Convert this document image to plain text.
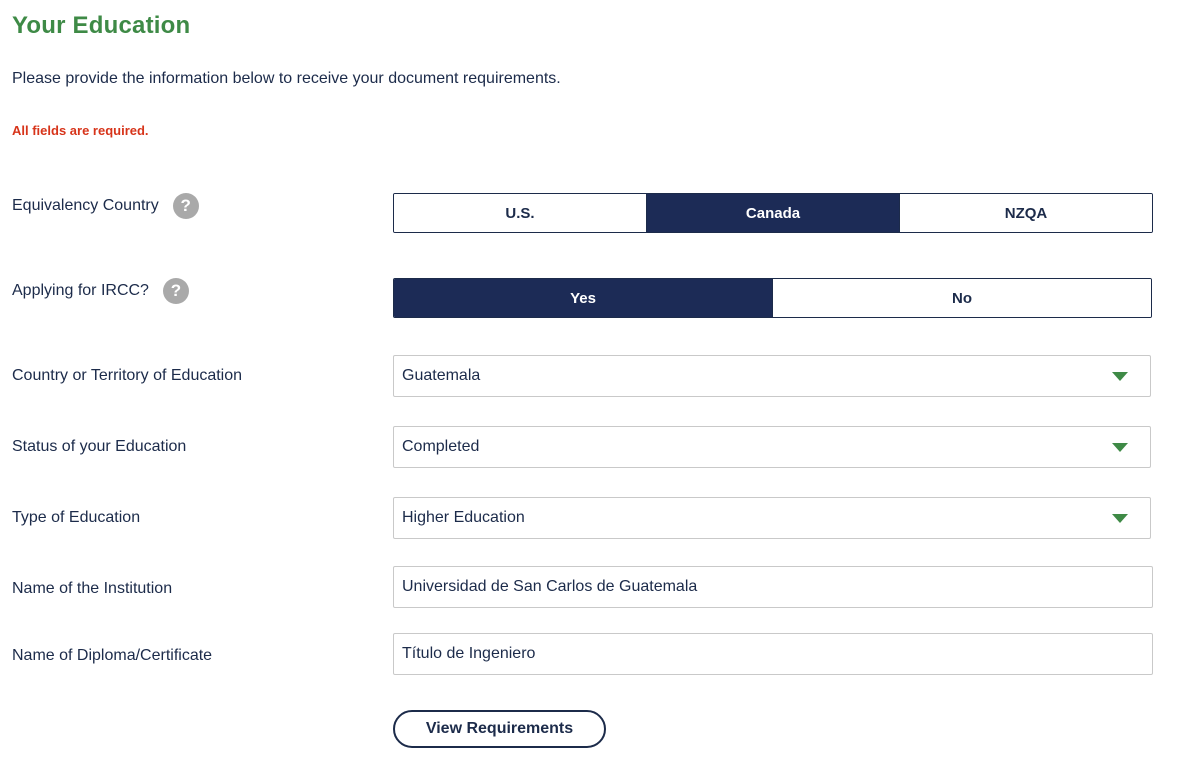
Your Education
Please provide the information below to receive your document requirements.
All fields are required.
Equivalency Country	?	U.S.	Canada	NZQA
Applying for IRCC?	?	Yes	No
Country or Territory of Education	Guatemala
Status of your Education	Completed
Type of Education	Higher Education
Name of the Institution	Universidad de San Carlos de Guatemala
Name of Diploma/Certificate	Título de Ingeniero
View Requirements
